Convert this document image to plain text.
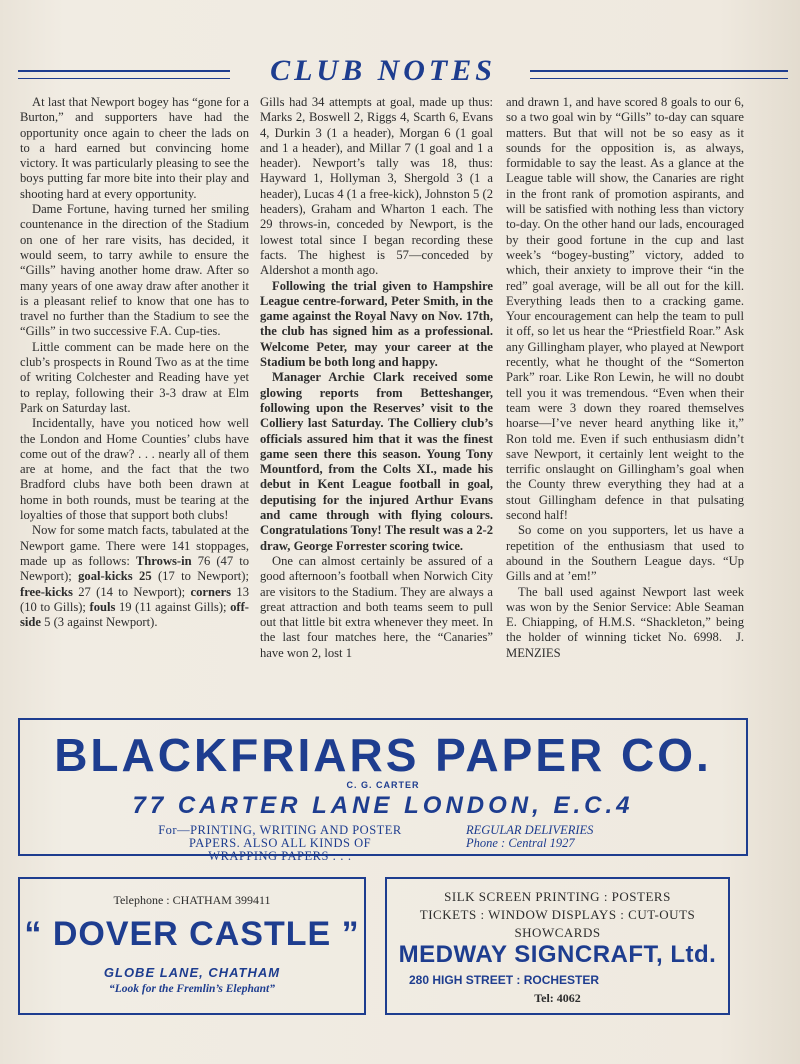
CLUB NOTES

At last that Newport bogey has “gone for a Burton,” and supporters have had the opportunity once again to cheer the lads on to a hard earned but convincing home victory. It was particularly pleasing to see the boys putting far more bite into their play and shooting hard at every opportunity.

Dame Fortune, having turned her smiling countenance in the direction of the Stadium on one of her rare visits, has decided, it would seem, to tarry awhile to ensure the “Gills” having another home draw. After so many years of one away draw after another it is a pleasant relief to know that one has to travel no further than the Stadium to see the “Gills” in two successive F.A. Cup-ties.

Little comment can be made here on the club’s prospects in Round Two as at the time of writing Colchester and Reading have yet to replay, following their 3-3 draw at Elm Park on Saturday last.

Incidentally, have you noticed how well the London and Home Counties’ clubs have come out of the draw? . . . nearly all of them are at home, and the fact that the two Bradford clubs have both been drawn at home in both rounds, must be tearing at the loyalties of those that support both clubs!

Now for some match facts, tabulated at the Newport game. There were 141 stoppages, made up as follows: Throws-in 76 (47 to Newport); goal-kicks 25 (17 to Newport); free-kicks 27 (14 to Newport); corners 13 (10 to Gills); fouls 19 (11 against Gills); off-side 5 (3 against Newport).

Gills had 34 attempts at goal, made up thus: Marks 2, Boswell 2, Riggs 4, Scarth 6, Evans 4, Durkin 3 (1 a header), Morgan 6 (1 goal and 1 a header), and Millar 7 (1 goal and 1 a header). Newport’s tally was 18, thus: Hayward 1, Hollyman 3, Shergold 3 (1 a header), Lucas 4 (1 a free-kick), Johnston 5 (2 headers), Graham and Wharton 1 each. The 29 throws-in, conceded by Newport, is the lowest total since I began recording these facts. The highest is 57—conceded by Aldershot a month ago.

Following the trial given to Hampshire League centre-forward, Peter Smith, in the game against the Royal Navy on Nov. 17th, the club has signed him as a professional. Welcome Peter, may your career at the Stadium be both long and happy.

Manager Archie Clark received some glowing reports from Betteshanger, following upon the Reserves’ visit to the Colliery last Saturday. The Colliery club’s officials assured him that it was the finest game seen there this season. Young Tony Mountford, from the Colts XI., made his debut in Kent League football in goal, deputising for the injured Arthur Evans and came through with flying colours. Congratulations Tony! The result was a 2-2 draw, George Forrester scoring twice.

One can almost certainly be assured of a good afternoon’s football when Norwich City are visitors to the Stadium. They are always a great attraction and both teams seem to pull out that little bit extra whenever they meet. In the last four matches here, the “Canaries” have won 2, lost 1

and drawn 1, and have scored 8 goals to our 6, so a two goal win by “Gills” to-day can square matters. But that will not be so easy as it sounds for the opposition is, as always, formidable to say the least. As a glance at the League table will show, the Canaries are right in the front rank of promotion aspirants, and will be satisfied with nothing less than victory to-day. On the other hand our lads, encouraged by their good fortune in the cup and last week’s “bogey-busting” victory, added to which, their anxiety to improve their “in the red” goal average, will be all out for the kill. Everything leads then to a cracking game. Your encouragement can help the team to pull it off, so let us hear the “Priestfield Roar.” Ask any Gillingham player, who played at Newport recently, what he thought of the “Somerton Park” roar. Like Ron Lewin, he will no doubt tell you it was tremendous. “Even when their team were 3 down they roared themselves hoarse—I’ve never heard anything like it,” Ron told me. Even if such enthusiasm didn’t save Newport, it certainly lent weight to the terrific onslaught on Gillingham’s goal when the County threw everything they had at a stout Gillingham defence in that pulsating second half!

So come on you supporters, let us have a repetition of the enthusiasm that used to abound in the Southern League days. “Up Gills and at ’em!”

The ball used against Newport last week was won by the Senior Service: Able Seaman E. Chiapping, of H.M.S. “Shackleton,” being the holder of winning ticket No. 6998. J. MENZIES

BLACKFRIARS PAPER CO.
C. G. CARTER
77 CARTER LANE LONDON, E.C.4
For—PRINTING, WRITING AND POSTER
PAPERS. ALSO ALL KINDS OF
WRAPPING PAPERS : : :
REGULAR DELIVERIES
Phone : Central 1927
Telephone : CHATHAM 399411
“ DOVER CASTLE ”
GLOBE LANE, CHATHAM
“Look for the Fremlin’s Elephant”
SILK SCREEN PRINTING : POSTERS
TICKETS : WINDOW DISPLAYS : CUT-OUTS
SHOWCARDS
MEDWAY SIGNCRAFT, Ltd.
280 HIGH STREET : ROCHESTER
Tel: 4062
